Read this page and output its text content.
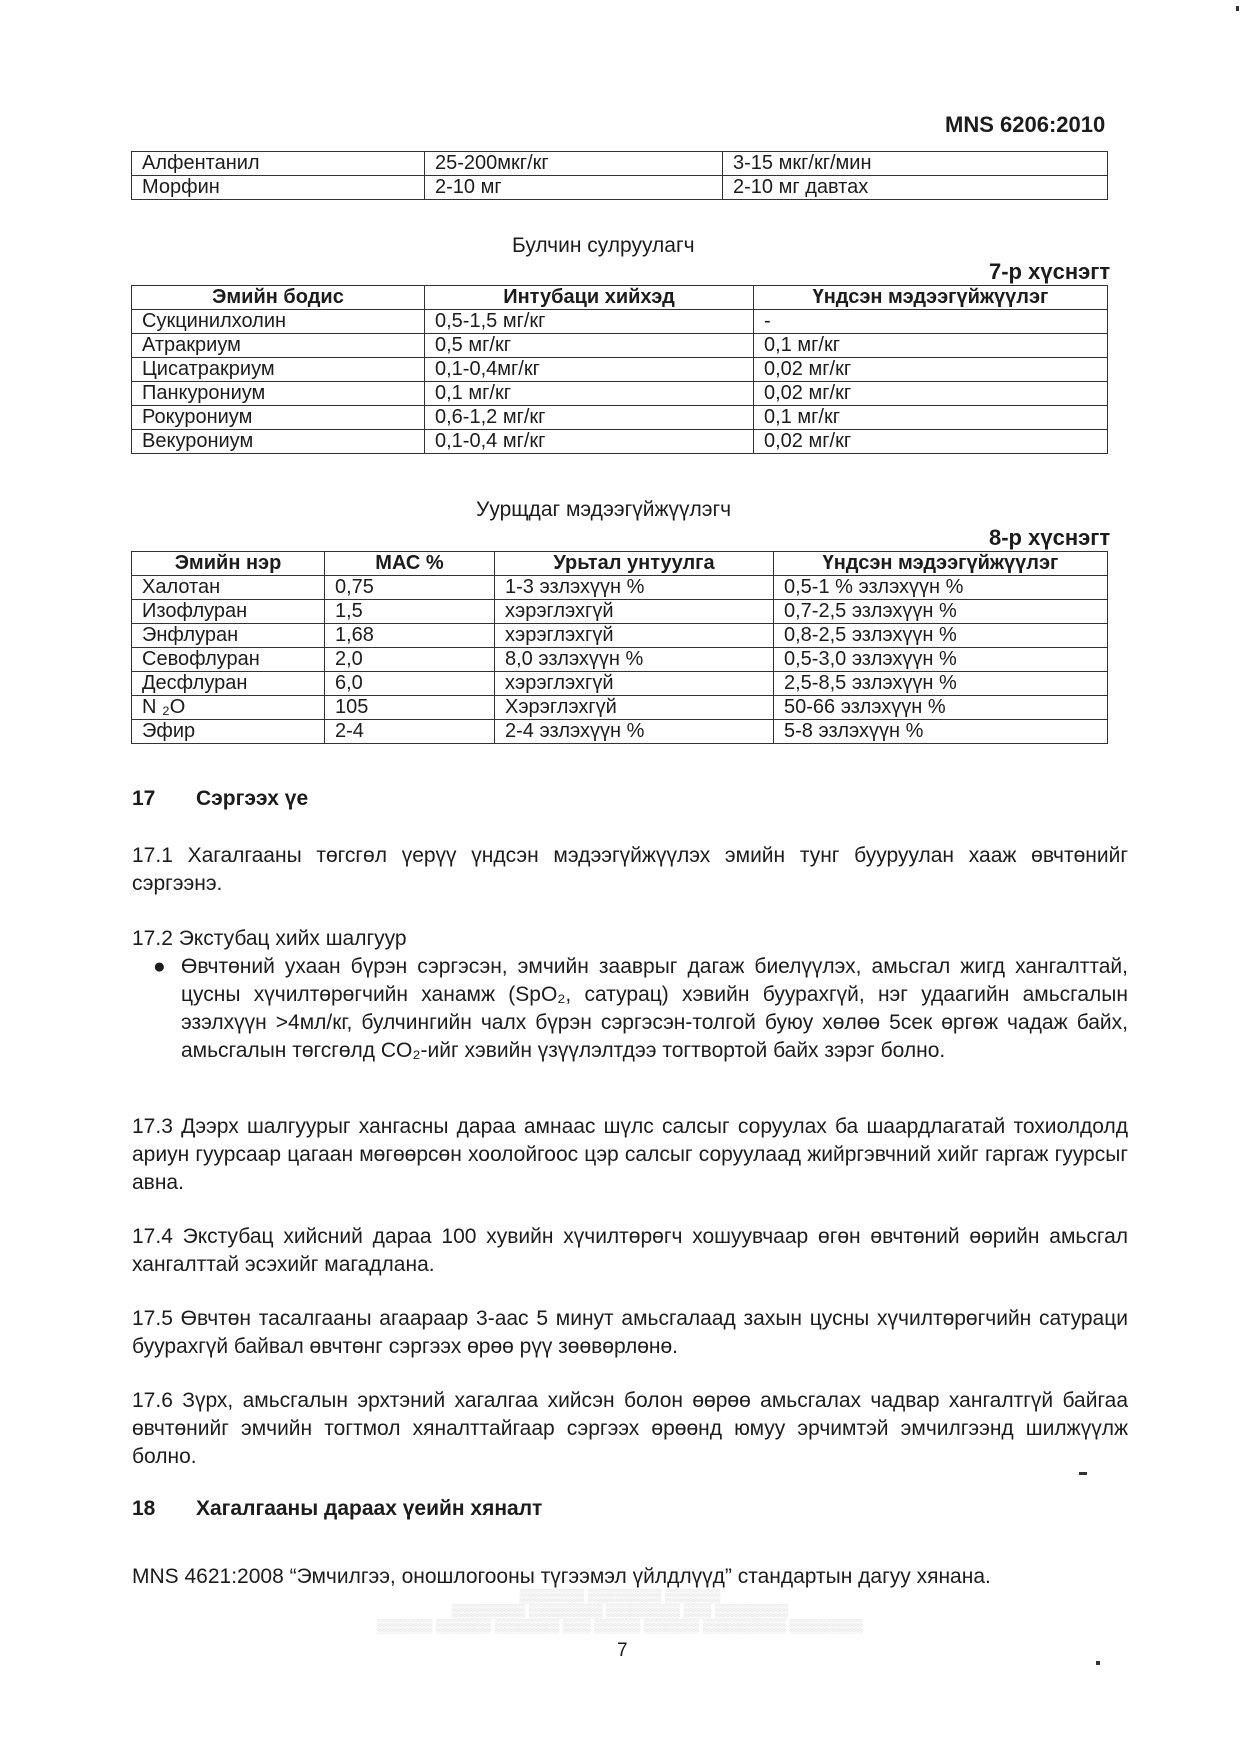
MNS 6206:2010
Алфентанил	25-200мкг/кг	3-15 мкг/кг/мин
Морфин	2-10 мг	2-10 мг давтах
Булчин сулруулагч
7-р хүснэгт
Эмийн бодис	Интубаци хийхэд	Үндсэн мэдээгүйжүүлэг
Сукцинилхолин	0,5-1,5 мг/кг	-
Атракриум	0,5 мг/кг	0,1 мг/кг
Цисатракриум	0,1-0,4мг/кг	0,02 мг/кг
Панкурониум	0,1 мг/кг	0,02 мг/кг
Рокурониум	0,6-1,2 мг/кг	0,1 мг/кг
Векурониум	0,1-0,4 мг/кг	0,02 мг/кг
Уурщдаг мэдээгүйжүүлэгч
8-р хүснэгт
Эмийн нэр	МАС %	Урьтал унтуулга	Үндсэн мэдээгүйжүүлэг
Халотан	0,75	1-3 эзлэхүүн %	0,5-1 % эзлэхүүн %
Изофлуран	1,5	хэрэглэхгүй	0,7-2,5 эзлэхүүн %
Энфлуран	1,68	хэрэглэхгүй	0,8-2,5 эзлэхүүн %
Севофлуран	2,0	8,0 эзлэхүүн %	0,5-3,0 эзлэхүүн %
Десфлуран	6,0	хэрэглэхгүй	2,5-8,5 эзлэхүүн %
N ₂O	105	Хэрэглэхгүй	50-66 эзлэхүүн %
Эфир	2-4	2-4 эзлэхүүн %	5-8 эзлэхүүн %
17 Сэргээх үе
17.1 Хагалгааны төгсгөл үерүү үндсэн мэдээгүйжүүлэх эмийн тунг бууруулан хааж өвчтөнийг сэргээнэ.
17.2 Экстубац хийх шалгуур
● Өвчтөний ухаан бүрэн сэргэсэн, эмчийн зааврыг дагаж биелүүлэх, амьсгал жигд хангалттай, цусны хүчилтөрөгчийн ханамж (SpO₂, сатурац) хэвийн буурахгүй, нэг удаагийн амьсгалын эзэлхүүн >4мл/кг, булчингийн чалх бүрэн сэргэсэн-толгой буюу хөлөө 5сек өргөж чадаж байх, амьсгалын төгсгөлд CO₂-ийг хэвийн үзүүлэлтдээ тогтвортой байх зэрэг болно.
17.3 Дээрх шалгуурыг хангасны дараа амнаас шүлс салсыг соруулах ба шаардлагатай тохиолдолд ариун гуурсаар цагаан мөгөөрсөн хоолойгоос цэр салсыг соруулаад жийргэвчний хийг гаргаж гуурсыг авна.
17.4 Экстубац хийсний дараа 100 хувийн хүчилтөрөгч хошуувчаар өгөн өвчтөний өөрийн амьсгал хангалттай эсэхийг магадлана.
17.5 Өвчтөн тасалгааны агаараар 3-аас 5 минут амьсгалаад захын цусны хүчилтөрөгчийн сатураци буурахгүй байвал өвчтөнг сэргээх өрөө рүү зөөвөрлөнө.
17.6 Зүрх, амьсгалын эрхтэний хагалгаа хийсэн болон өөрөө амьсгалах чадвар хангалтгүй байгаа өвчтөнийг эмчийн тогтмол хяналттайгаар сэргээх өрөөнд юмуу эрчимтэй эмчилгээнд шилжүүлж болно.
18 Хагалгааны дараах үеийн хяналт
MNS 4621:2008 “Эмчилгээ, оношлогооны түгээмэл үйлдлүүд” стандартын дагуу хянана.
▒▒▒▒▒▒▒ ▒▒▒▒▒▒▒▒ ▒▒▒▒▒▒
▒▒▒▒▒▒▒▒ ▒▒▒▒▒▒▒▒ ▒▒▒▒▒▒▒▒ ▒▒▒ ▒▒▒▒▒▒▒▒
▒▒▒▒▒▒ ▒▒▒▒▒▒ ▒▒▒▒▒▒▒ ▒▒▒ ▒▒▒▒▒ ▒▒▒▒▒▒ ▒▒▒▒▒▒▒▒▒ ▒▒▒▒▒▒▒▒
7
